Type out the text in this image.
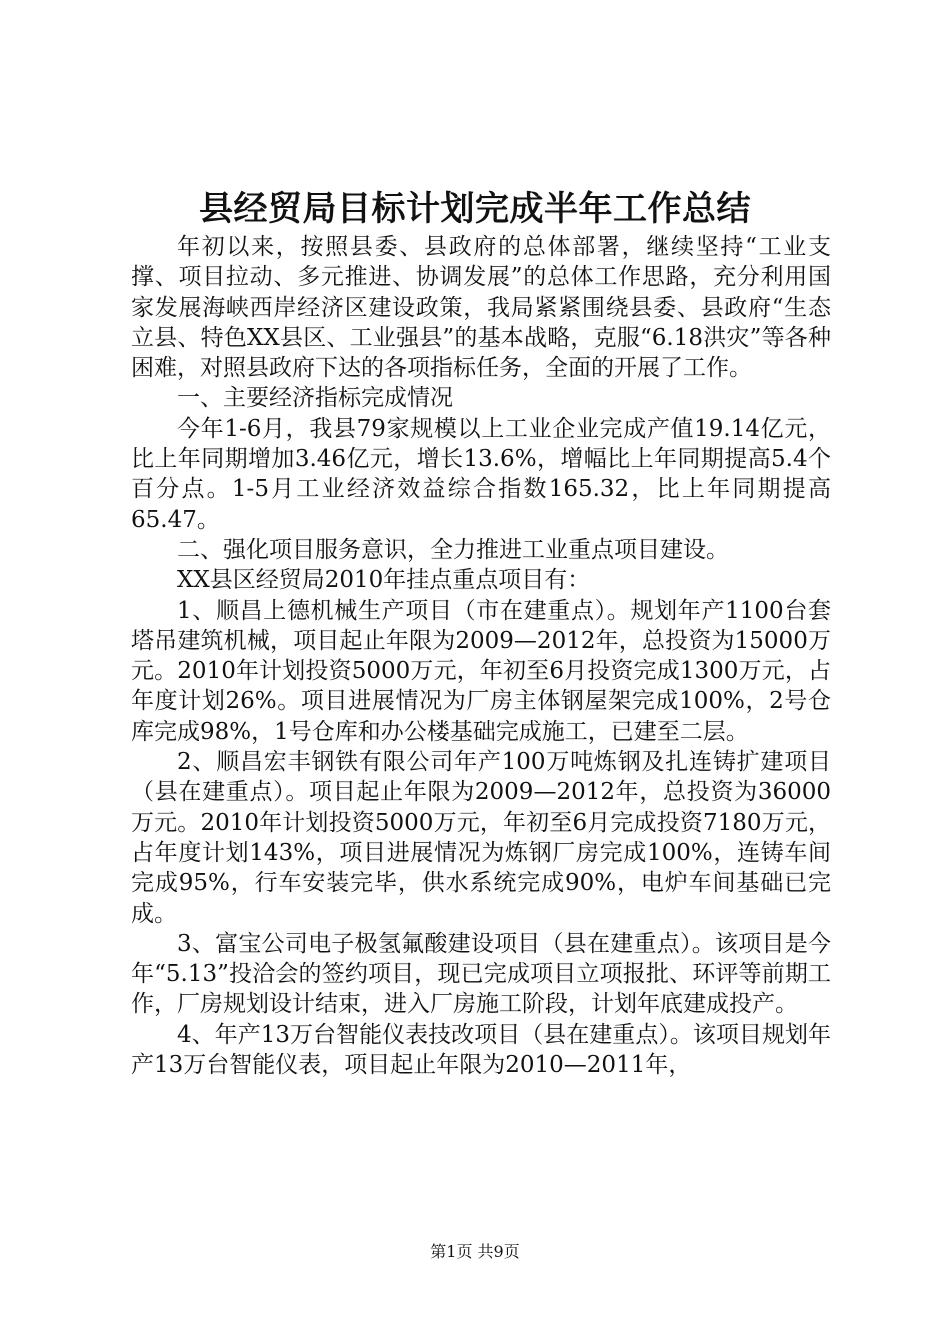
县经贸局目标计划完成半年工作总结

年初以来，按照县委、县政府的总体部署，继续坚持“工业支撑、项目拉动、多元推进、协调发展”的总体工作思路，充分利用国家发展海峡西岸经济区建设政策，我局紧紧围绕县委、县政府“生态立县、特色XX县区、工业强县”的基本战略，克服“6.18洪灾”等各种困难，对照县政府下达的各项指标任务，全面的开展了工作。

一、主要经济指标完成情况

今年1-6月，我县79家规模以上工业企业完成产值19.14亿元，比上年同期增加3.46亿元，增长13.6%，增幅比上年同期提高5.4个百分点。1-5月工业经济效益综合指数165.32，比上年同期提高65.47。

二、强化项目服务意识，全力推进工业重点项目建设。

XX县区经贸局2010年挂点重点项目有：

1、顺昌上德机械生产项目（市在建重点）。规划年产1100台套塔吊建筑机械，项目起止年限为2009—2012年，总投资为15000万元。2010年计划投资5000万元，年初至6月投资完成1300万元，占年度计划26%。项目进展情况为厂房主体钢屋架完成100%，2号仓库完成98%，1号仓库和办公楼基础完成施工，已建至二层。

2、顺昌宏丰钢铁有限公司年产100万吨炼钢及扎连铸扩建项目（县在建重点）。项目起止年限为2009—2012年，总投资为36000万元。2010年计划投资5000万元，年初至6月完成投资7180万元，占年度计划143%，项目进展情况为炼钢厂房完成100%，连铸车间完成95%，行车安装完毕，供水系统完成90%，电炉车间基础已完成。

3、富宝公司电子极氢氟酸建设项目（县在建重点）。该项目是今年“5.13”投洽会的签约项目，现已完成项目立项报批、环评等前期工作，厂房规划设计结束，进入厂房施工阶段，计划年底建成投产。

4、年产13万台智能仪表技改项目（县在建重点）。该项目规划年产13万台智能仪表，项目起止年限为2010—2011年，

第1页 共9页
